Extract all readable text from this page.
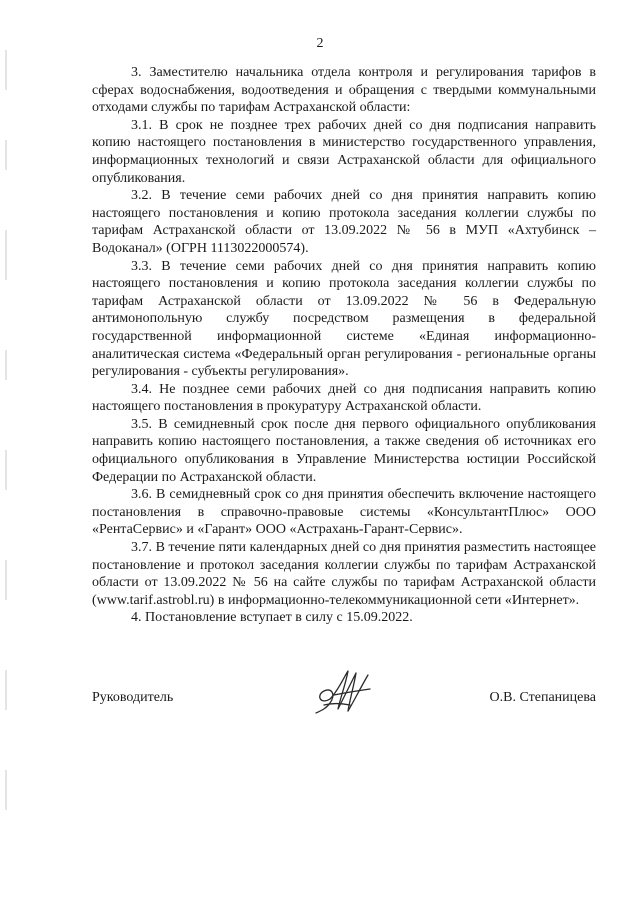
2

3. Заместителю начальника отдела контроля и регулирования тарифов в сферах водоснабжения, водоотведения и обращения с твердыми коммунальными отходами службы по тарифам Астраханской области:

3.1. В срок не позднее трех рабочих дней со дня подписания направить копию настоящего постановления в министерство государственного управления, информационных технологий и связи Астраханской области для официального опубликования.

3.2. В течение семи рабочих дней со дня принятия направить копию настоящего постановления и копию протокола заседания коллегии службы по тарифам Астраханской области от 13.09.2022 № 56 в МУП «Ахтубинск – Водоканал» (ОГРН 1113022000574).

3.3. В течение семи рабочих дней со дня принятия направить копию настоящего постановления и копию протокола заседания коллегии службы по тарифам Астраханской области от 13.09.2022 № 56 в Федеральную антимонопольную службу посредством размещения в федеральной государственной информационной системе «Единая информационно-аналитическая система «Федеральный орган регулирования - региональные органы регулирования - субъекты регулирования».

3.4. Не позднее семи рабочих дней со дня подписания направить копию настоящего постановления в прокуратуру Астраханской области.

3.5. В семидневный срок после дня первого официального опубликования направить копию настоящего постановления, а также сведения об источниках его официального опубликования в Управление Министерства юстиции Российской Федерации по Астраханской области.

3.6. В семидневный срок со дня принятия обеспечить включение настоящего постановления в справочно-правовые системы «КонсультантПлюс» ООО «РентаСервис» и «Гарант» ООО «Астрахань-Гарант-Сервис».

3.7. В течение пяти календарных дней со дня принятия разместить настоящее постановление и протокол заседания коллегии службы по тарифам Астраханской области от 13.09.2022 № 56 на сайте службы по тарифам Астраханской области (www.tarif.astrobl.ru) в информационно-телекоммуникационной сети «Интернет».

4. Постановление вступает в силу с 15.09.2022.

Руководитель	О.В. Степаницева
